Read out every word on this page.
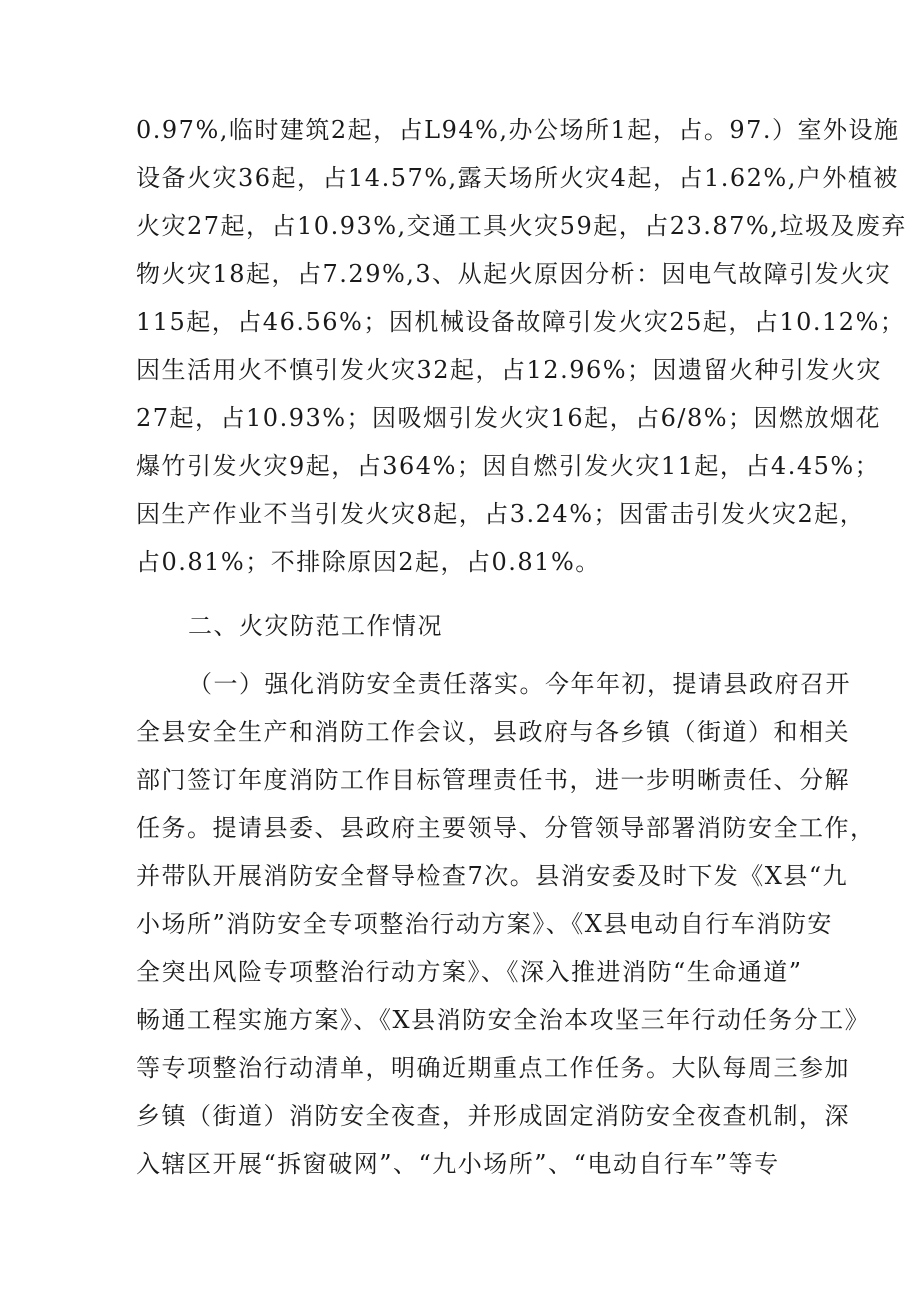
0.97%,临时建筑2起，占L94%,办公场所1起，占。97.）室外设施
设备火灾36起，占14.57%,露天场所火灾4起，占1.62%,户外植被
火灾27起，占10.93%,交通工具火灾59起，占23.87%,垃圾及废弃
物火灾18起，占7.29%,3、从起火原因分析：因电气故障引发火灾
115起，占46.56%；因机械设备故障引发火灾25起，占10.12%；
因生活用火不慎引发火灾32起，占12.96%；因遗留火种引发火灾
27起，占10.93%；因吸烟引发火灾16起，占6/8%；因燃放烟花
爆竹引发火灾9起，占364%；因自燃引发火灾11起，占4.45%；
因生产作业不当引发火灾8起，占3.24%；因雷击引发火灾2起，
占0.81%；不排除原因2起，占0.81%。
二、火灾防范工作情况
（一）强化消防安全责任落实。今年年初，提请县政府召开
全县安全生产和消防工作会议，县政府与各乡镇（街道）和相关
部门签订年度消防工作目标管理责任书，进一步明晰责任、分解
任务。提请县委、县政府主要领导、分管领导部署消防安全工作，
并带队开展消防安全督导检查7次。县消安委及时下发《X县“九
小场所”消防安全专项整治行动方案》、《X县电动自行车消防安
全突出风险专项整治行动方案》、《深入推进消防“生命通道”
畅通工程实施方案》、《X县消防安全治本攻坚三年行动任务分工》
等专项整治行动清单，明确近期重点工作任务。大队每周三参加
乡镇（街道）消防安全夜查，并形成固定消防安全夜查机制，深
入辖区开展“拆窗破网”、“九小场所”、“电动自行车”等专
